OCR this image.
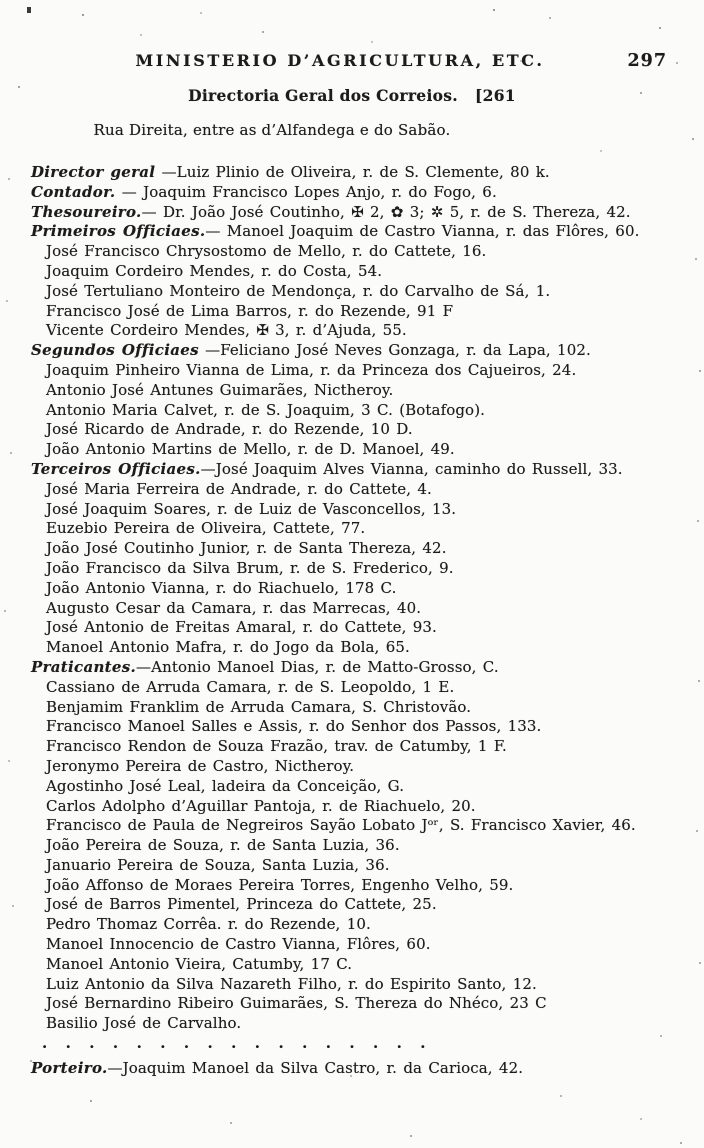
MINISTERIO D’AGRICULTURA, ETC.	297
Directoria Geral dos Correios. [261
Rua Direita, entre as d’Alfandega e do Sabão.
Director geral —Luiz Plinio de Oliveira, r. de S. Clemente, 80 k.
Contador. — Joaquim Francisco Lopes Anjo, r. do Fogo, 6.
Thesoureiro.— Dr. João José Coutinho, ✠ 2, ✿ 3; ✲ 5, r. de S. Thereza, 42.
Primeiros Officiaes.— Manoel Joaquim de Castro Vianna, r. das Flôres, 60.
José Francisco Chrysostomo de Mello, r. do Cattete, 16.
Joaquim Cordeiro Mendes, r. do Costa, 54.
José Tertuliano Monteiro de Mendonça, r. do Carvalho de Sá, 1.
Francisco José de Lima Barros, r. do Rezende, 91 F
Vicente Cordeiro Mendes, ✠ 3, r. d’Ajuda, 55.
Segundos Officiaes —Feliciano José Neves Gonzaga, r. da Lapa, 102.
Joaquim Pinheiro Vianna de Lima, r. da Princeza dos Cajueiros, 24.
Antonio José Antunes Guimarães, Nictheroy.
Antonio Maria Calvet, r. de S. Joaquim, 3 C. (Botafogo).
José Ricardo de Andrade, r. do Rezende, 10 D.
João Antonio Martins de Mello, r. de D. Manoel, 49.
Terceiros Officiaes.—José Joaquim Alves Vianna, caminho do Russell, 33.
José Maria Ferreira de Andrade, r. do Cattete, 4.
José Joaquim Soares, r. de Luiz de Vasconcellos, 13.
Euzebio Pereira de Oliveira, Cattete, 77.
João José Coutinho Junior, r. de Santa Thereza, 42.
João Francisco da Silva Brum, r. de S. Frederico, 9.
João Antonio Vianna, r. do Riachuelo, 178 C.
Augusto Cesar da Camara, r. das Marrecas, 40.
José Antonio de Freitas Amaral, r. do Cattete, 93.
Manoel Antonio Mafra, r. do Jogo da Bola, 65.
Praticantes.—Antonio Manoel Dias, r. de Matto-Grosso, C.
Cassiano de Arruda Camara, r. de S. Leopoldo, 1 E.
Benjamim Franklim de Arruda Camara, S. Christovão.
Francisco Manoel Salles e Assis, r. do Senhor dos Passos, 133.
Francisco Rendon de Souza Frazão, trav. de Catumby, 1 F.
Jeronymo Pereira de Castro, Nictheroy.
Agostinho José Leal, ladeira da Conceição, G.
Carlos Adolpho d’Aguillar Pantoja, r. de Riachuelo, 20.
Francisco de Paula de Negreiros Sayão Lobato Jᵒʳ, S. Francisco Xavier, 46.
João Pereira de Souza, r. de Santa Luzia, 36.
Januario Pereira de Souza, Santa Luzia, 36.
João Affonso de Moraes Pereira Torres, Engenho Velho, 59.
José de Barros Pimentel, Princeza do Cattete, 25.
Pedro Thomaz Corrêa. r. do Rezende, 10.
Manoel Innocencio de Castro Vianna, Flôres, 60.
Manoel Antonio Vieira, Catumby, 17 C.
Luiz Antonio da Silva Nazareth Filho, r. do Espirito Santo, 12.
José Bernardino Ribeiro Guimarães, S. Thereza do Nhéco, 23 C
Basilio José de Carvalho.
. . . . . . . . . . . . . . . . .
Porteiro.—Joaquim Manoel da Silva Castro, r. da Carioca, 42.
